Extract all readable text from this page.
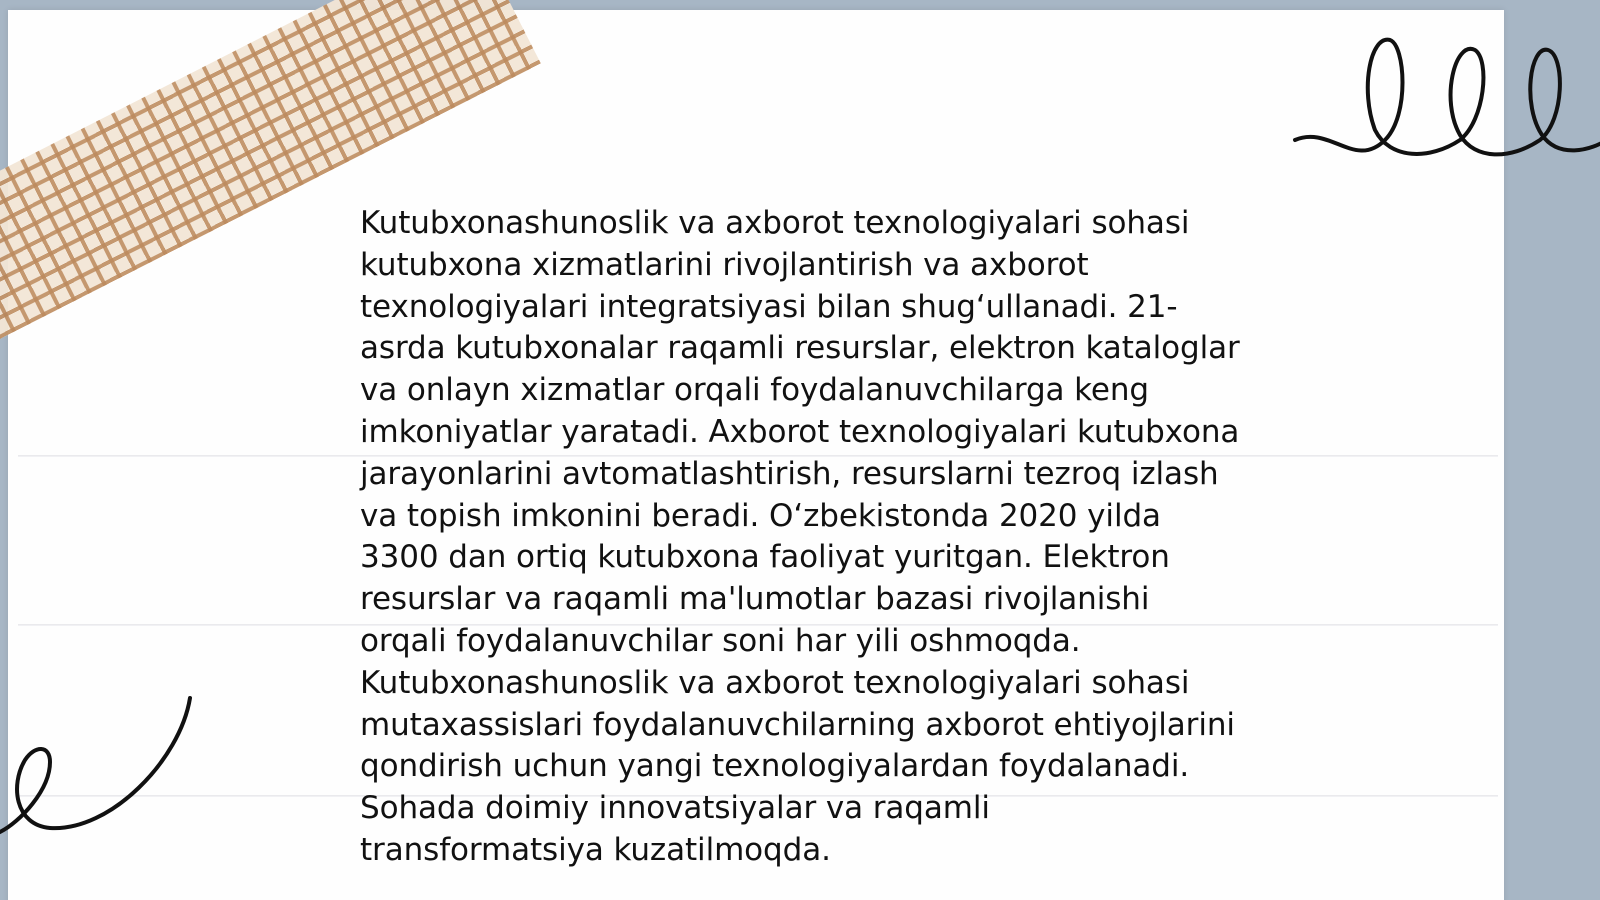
Kutubxonashunoslik va axborot texnologiyalari sohasi kutubxona xizmatlarini rivojlantirish va axborot texnologiyalari integratsiyasi bilan shugʻullanadi. 21-asrda kutubxonalar raqamli resurslar, elektron kataloglar va onlayn xizmatlar orqali foydalanuvchilarga keng imkoniyatlar yaratadi. Axborot texnologiyalari kutubxona jarayonlarini avtomatlashtirish, resurslarni tezroq izlash va topish imkonini beradi. Oʻzbekistonda 2020 yilda 3300 dan ortiq kutubxona faoliyat yuritgan. Elektron resurslar va raqamli ma'lumotlar bazasi rivojlanishi orqali foydalanuvchilar soni har yili oshmoqda. Kutubxonashunoslik va axborot texnologiyalari sohasi mutaxassislari foydalanuvchilarning axborot ehtiyojlarini qondirish uchun yangi texnologiyalardan foydalanadi. Sohada doimiy innovatsiyalar va raqamli transformatsiya kuzatilmoqda.
